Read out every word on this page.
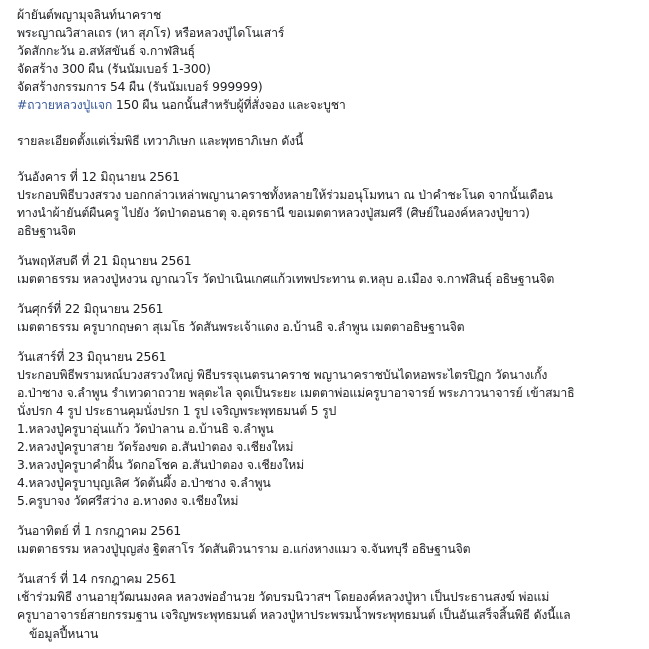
ผ้ายันต์พญามุจลินท์นาคราช
พระญาณวิสาลเถร (หา สุภโร) หรือหลวงปู่ไดโนเสาร์
วัดสักกะวัน อ.สหัสขันธ์ จ.กาฬสินธุ์
จัดสร้าง 300 ผืน (รันนัมเบอร์ 1-300)
จัดสร้างกรรมการ 54 ผืน (รันนัมเบอร์ 999999)
#ถวายหลวงปู่แจก 150 ผืน นอกนั้นสำหรับผู้ที่สั่งจอง และจะบูชา
รายละเอียดตั้งแต่เริ่มพิธี เทวาภิเษก และพุทธาภิเษก ดังนี้
วันอังคาร ที่ 12 มิถุนายน 2561
ประกอบพิธีบวงสรวง บอกกล่าวเหล่าพญานาคราชทั้งหลายให้ร่วมอนุโมทนา ณ ป่าคำชะโนด จากนั้นเดือน
ทางนำผ้ายันต์ผืนครู ไปยัง วัดป่าดอนธาตุ จ.อุดรธานี ขอเมตตาหลวงปู่สมศรี (ศิษย์ในองค์หลวงปู่ขาว)
อธิษฐานจิต
วันพฤหัสบดี ที่ 21 มิถุนายน 2561
เมตตาธรรม หลวงปู่หงวน ญาณวโร วัดป่าเนินเกศแก้วเทพประทาน ต.หลุบ อ.เมือง จ.กาฬสินธุ์ อธิษฐานจิต
วันศุกร์ที่ 22 มิถุนายน 2561
เมตตาธรรม ครูบากฤษดา สุเมโธ วัดสันพระเจ้าแดง อ.บ้านธิ จ.ลำพูน เมตตาอธิษฐานจิต
วันเสาร์ที่ 23 มิถุนายน 2561
ประกอบพิธีพรามหณ์บวงสรวงใหญ่ พิธีบรรจุเนตรนาคราช พญานาคราชบันไดหอพระไตรปิฏก วัดนางเกั้ง
อ.ป่าซาง จ.ลำพูน รำเทวดาถวาย พลุตะไล จุดเป็นระยะ เมตตาพ่อแม่ครูบาอาจารย์ พระภาวนาจารย์ เข้าสมาธิ
นั่งปรก 4 รูป ประธานคุมนั่งปรก 1 รูป เจริญพระพุทธมนต์ 5 รูป
1.หลวงปู่ครูบาอุ่นแก้ว วัดป่าลาน อ.บ้านธิ จ.ลำพูน
2.หลวงปู่ครูบาสาย วัดร้องขด อ.สันป่าตอง จ.เชียงใหม่
3.หลวงปู่ครูบาคำฝั้น วัดกอโชค อ.สันป่าตอง จ.เชียงใหม่
4.หลวงปู่ครูบาบุญเลิศ วัดต้นผึ้ง อ.ป่าซาง จ.ลำพูน
5.ครูบาจง วัดศรีสว่าง อ.หางดง จ.เชียงใหม่
วันอาทิตย์ ที่ 1 กรกฎาคม 2561
เมตตาธรรม หลวงปู่บุญส่ง ฐิตสาโร วัดสันติวนาราม อ.แก่งหางแมว จ.จันทบุรี อธิษฐานจิต
วันเสาร์ ที่ 14 กรกฎาคม 2561
เช้าร่วมพิธี งานอายุวัฒนมงคล หลวงพ่ออำนวย วัดบรมนิวาสฯ โดยองค์หลวงปู่หา เป็นประธานสงฆ์ พ่อแม่
ครูบาอาจารย์สายกรรมฐาน เจริญพระพุทธมนต์ หลวงปู่หาประพรมน้ำพระพุทธมนต์ เป็นอันเสร็จสิ้นพิธี ดังนี้แล
ข้อมูลปี้หนาน
